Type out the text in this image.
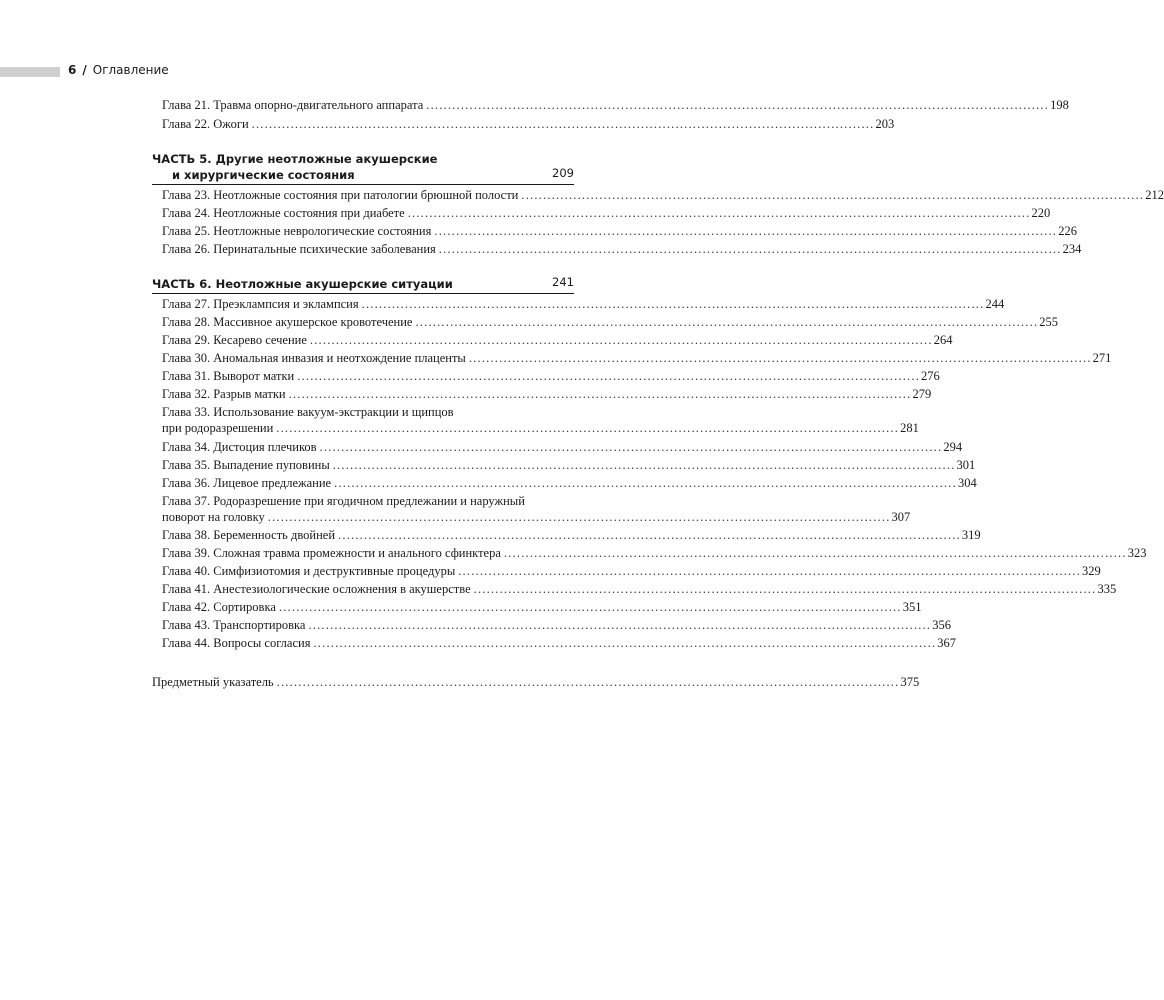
6 / Оглавление
Глава 21. Травма опорно-двигательного аппарата ................................................................................................................................................ 198
Глава 22. Ожоги ................................................................................................................................................ 203
ЧАСТЬ 5. Другие неотложные акушерские
и хирургические состояния	209
Глава 23. Неотложные состояния при патологии брюшной полости ................................................................................................................................................ 212
Глава 24. Неотложные состояния при диабете ................................................................................................................................................ 220
Глава 25. Неотложные неврологические состояния ................................................................................................................................................ 226
Глава 26. Перинатальные психические заболевания ................................................................................................................................................ 234
ЧАСТЬ 6. Неотложные акушерские ситуации	241
Глава 27. Преэклампсия и эклампсия ................................................................................................................................................ 244
Глава 28. Массивное акушерское кровотечение ................................................................................................................................................ 255
Глава 29. Кесарево сечение ................................................................................................................................................ 264
Глава 30. Аномальная инвазия и неотхождение плаценты ................................................................................................................................................ 271
Глава 31. Выворот матки ................................................................................................................................................ 276
Глава 32. Разрыв матки ................................................................................................................................................ 279
Глава 33. Использование вакуум-экстракции и щипцов
при родоразрешении ................................................................................................................................................ 281
Глава 34. Дистоция плечиков ................................................................................................................................................ 294
Глава 35. Выпадение пуповины ................................................................................................................................................ 301
Глава 36. Лицевое предлежание ................................................................................................................................................ 304
Глава 37. Родоразрешение при ягодичном предлежании и наружный
поворот на головку ................................................................................................................................................ 307
Глава 38. Беременность двойней ................................................................................................................................................ 319
Глава 39. Сложная травма промежности и анального сфинктера ................................................................................................................................................ 323
Глава 40. Симфизиотомия и деструктивные процедуры ................................................................................................................................................ 329
Глава 41. Анестезиологические осложнения в акушерстве ................................................................................................................................................ 335
Глава 42. Сортировка ................................................................................................................................................ 351
Глава 43. Транспортировка ................................................................................................................................................ 356
Глава 44. Вопросы согласия ................................................................................................................................................ 367
Предметный указатель ................................................................................................................................................ 375
